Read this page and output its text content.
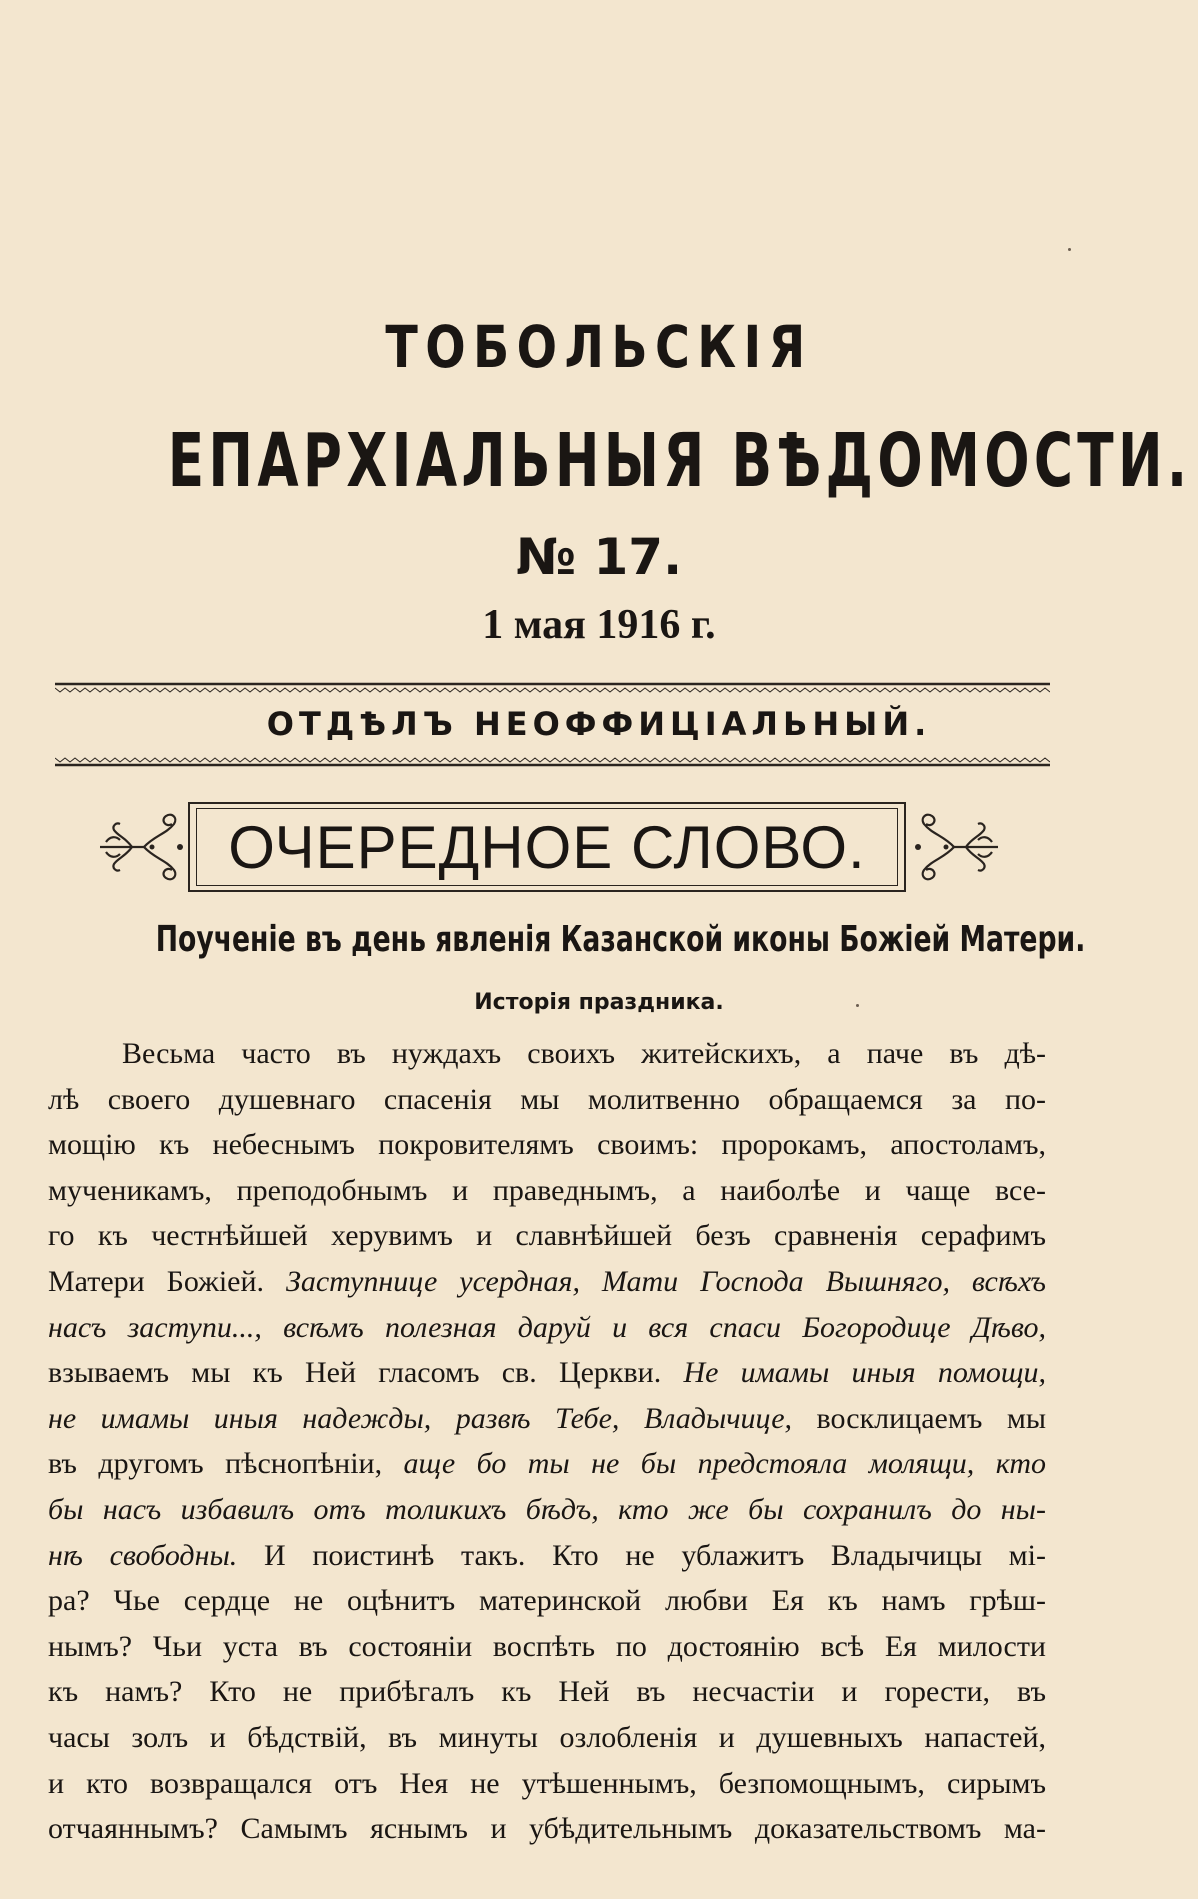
ТОБОЛЬСКІЯ
ЕПАРХІАЛЬНЫЯ ВѢДОМОСТИ.
№ 17.
1 мая 1916 г.
ОТДѢЛЪ НЕОФФИЦІАЛЬНЫЙ.
ОЧЕРЕДНОЕ СЛОВО.
Поученіе въ день явленія Казанской иконы Божіей Матери.
Исторія праздника.
Весьма часто въ нуждахъ своихъ житейскихъ, а паче въ дѣ-
лѣ своего душевнаго спасенія мы молитвенно обращаемся за по-
мощію къ небеснымъ покровителямъ своимъ: пророкамъ, апостоламъ,
мученикамъ, преподобнымъ и праведнымъ, а наиболѣе и чаще все-
го къ честнѣйшей херувимъ и славнѣйшей безъ сравненія серафимъ
Матери Божіей. Заступнице усердная, Мати Господа Вышняго, всѣхъ
насъ заступи..., всѣмъ полезная даруй и вся спаси Богородице Дѣво,
взываемъ мы къ Ней гласомъ св. Церкви. Не имамы иныя помощи,
не имамы иныя надежды, развѣ Тебе, Владычице, восклицаемъ мы
въ другомъ пѣснопѣніи, аще бо ты не бы предстояла молящи, кто
бы насъ избавилъ отъ толикихъ бѣдъ, кто же бы сохранилъ до ны-
нѣ свободны. И поистинѣ такъ. Кто не ублажитъ Владычицы мі-
ра? Чье сердце не оцѣнитъ материнской любви Ея къ намъ грѣш-
нымъ? Чьи уста въ состояніи воспѣть по достоянію всѣ Ея милости
къ намъ? Кто не прибѣгалъ къ Ней въ несчастіи и горести, въ
часы золъ и бѣдствій, въ минуты озлобленія и душевныхъ напастей,
и кто возвращался отъ Нея не утѣшеннымъ, безпомощнымъ, сирымъ
отчаяннымъ? Самымъ яснымъ и убѣдительнымъ доказательствомъ ма-
